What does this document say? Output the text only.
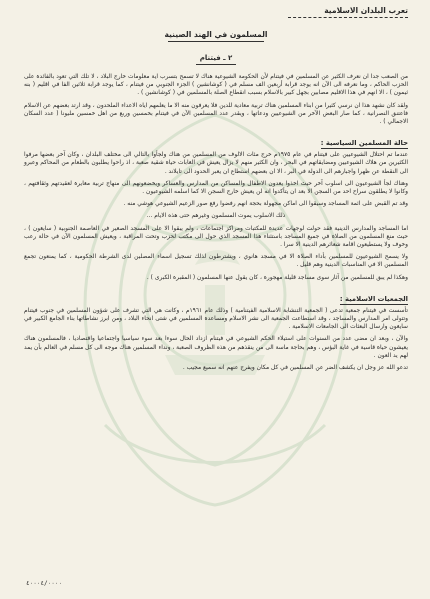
تعرب البلدان الاسلامية
المسلمون في الهند الصينية
٢ ـ فيتنام

من الصعب جدا ان نعرف الكثير عن المسلمين في فيتنام لأن الحكومة الشيوعية هناك لا تسمح بتسرب اية معلومات خارج البلاد ، لا تلك التي تعود بالفائدة على الحزب الحاكم ، وما نعرفه الى الآن انه يوجد قرابة أربعين الف مسلم في ( كوشانشين ) الجزء الجنوبي من فيتنام ، كما يوجد قرابة ثلاثين الفا في اقليم ( بنه ثيمون ) ، الا انهم في هذا الاقليم مصابين بجهل كبير بالاسلام بسبب انقطاع الصلة بالمسلمين في ( كوشانشين ) .

ولقد كان نشهد هذا ان نرسي كثيرا من ابناء المسلمين هناك تربية معادية للدين فلا يعرفون منه الا ما يعلمهم اياه الاعداء الملحدون ، وقد ارتد بعضهم عن الاسلام فاعتنق النصرانية ، كما صار البعض الآخر من الشيوعيين ودعاتها ، ويقدر عدد المسلمين الآن في فيتنام بخمسين وربع من اهل خمسين مليونا ( عدد السكان الاجمالي ) .

حالة المسلمين السياسية :

عندما تم احتلال الشيوعيين على فيتنام في عام ١٩٧٥م خرج مئات الالوف من المسلمين من هناك ولجأوا بالتالي الى مختلف البلدان ، وكان آخر بعضها مرفوا الكثيرين من هلاك الشيوعيين ومضايقاتهم في البحر ، وان الكثير منهم لا يزال يعيش في الغابات حياة شقية صعبة ، اذ راحوا يطلبون بالطعام من المحاكم وعبرو الى النقطة عن ظهرا واجبارهم الى الدولة في البر ، الا ان بعضهم استطاع ان يعبر الحدود الى تايلاند .

وهناك لجأ الشيوعيون الى اسلوب آخر حيث اخذوا يعدون الاطفال والمساكن من المدارس والعساكر ويخضعونهم الى منهاج تربية مغايرة لعقيدتهم وثقافتهم ، وكانوا لا يطلقون سراح احد من السجن الا بعد ان يتأكدوا انه لن يعيش خارج السجن الا كما اسلمه الشيوعيون .

وقد تم القبض على ائمة المساجد وسيقوا الى اماكن مجهولة بحجة انهم رفضوا رفع صور الزعيم الشيوعي هوشي منه .

ذلك الاسلوب يموت المسلمون وغيرهم حتى هذه الايام ...

اما المساجد والمدارس الدينية فقد حولت لوجهات عديدة للمكتبات ومراكز اجتماعات ، ولم يبقوا الا على المسجد الصغير في العاصمة الجنوبية ( سايغون ) ، حيث منع المسلمون من الصلاة في جميع المساجد باستثناء هذا المسجد الذي حول الى مكتب لحزب وتحت المراقبة ، ويعيش المسلمون الآن في حالة رعب وخوف ولا يستطيعون اقامة شعائرهم الدينية الا سرا .

ولا يسمح الشيوعيون للمسلمين بأداء الصلاة الا في مسجد هانوي ، ويشترطون لذلك تسجيل اسماء المصلين لدى الشرطة الحكومية ، كما يمنعون تجمع المسلمين الا في المناسبات الدينية وهم قليل .

وهكذا لم يبق للمسلمين من آثار سوى مساجد قليلة مهجورة ، كان يقول عنها المسلمون ( المقبرة الكبرى ) .

الجمعيات الاسلامية :

تأسست في فيتنام جمعية تدعى ( الجمعية التنشابة الاسلامية الفيتنامية ) وذلك عام ١٩٦١م ، وكانت هي التي تشرف على شؤون المسلمين في جنوب فيتنام وتتولى امر المدارس والمساجد ، وقد استطاعت الجمعية الى نشر الاسلام ومساعدة المسلمين في شتى انحاء البلاد ، ومن ابرز نشاطاتها بناء الجامع الكبير في سايغون وارسال البعثات الى الجامعات الاسلامية .

والآن ، وبعد ان مضى عدد من السنوات على استيلاء الحكم الشيوعي في فيتنام ازداد الحال سوءا بعد سوء سياسيا واجتماعيا واقتصاديا ، فالمسلمون هناك يعيشون حياة قاسية في غاية البؤس ، وهم بحاجة ماسة الى من ينقذهم من هذه الظروف الصعبة ، ونداء المسلمين هناك موجه الى كل مسلم في العالم بأن يمد لهم يد العون .

تدعو الله عز وجل ان يكشف الضر عن المسلمين في كل مكان ويفرج عنهم انه سميع مجيب .

٤٠٠٠٤/٠٠٠٠
